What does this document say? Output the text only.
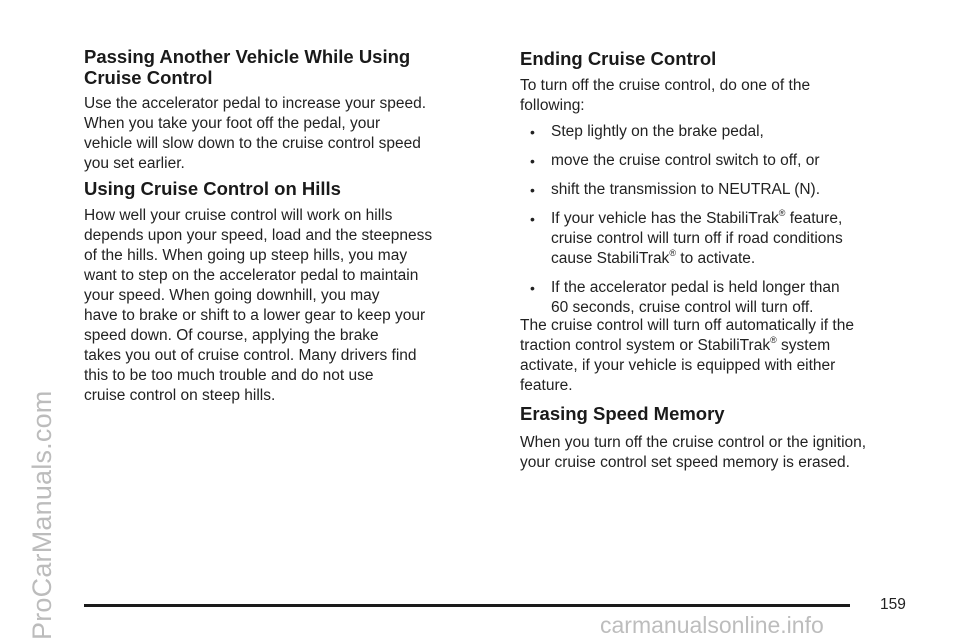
ProCarManuals.com
Passing Another Vehicle While Using
Cruise Control

Use the accelerator pedal to increase your speed.

When you take your foot off the pedal, your

vehicle will slow down to the cruise control speed

you set earlier.

Using Cruise Control on Hills

How well your cruise control will work on hills

depends upon your speed, load and the steepness

of the hills. When going up steep hills, you may

want to step on the accelerator pedal to maintain

your speed. When going downhill, you may

have to brake or shift to a lower gear to keep your

speed down. Of course, applying the brake

takes you out of cruise control. Many drivers find

this to be too much trouble and do not use

cruise control on steep hills.

Ending Cruise Control

To turn off the cruise control, do one of the

following:

• Step lightly on the brake pedal,
• move the cruise control switch to off, or
• shift the transmission to NEUTRAL (N).
• If your vehicle has the StabiliTrak® feature,
cruise control will turn off if road conditions
cause StabiliTrak® to activate.
• If the accelerator pedal is held longer than
60 seconds, cruise control will turn off.

The cruise control will turn off automatically if the

traction control system or StabiliTrak® system

activate, if your vehicle is equipped with either

feature.

Erasing Speed Memory

When you turn off the cruise control or the ignition,

your cruise control set speed memory is erased.

159
carmanualsonline.info
